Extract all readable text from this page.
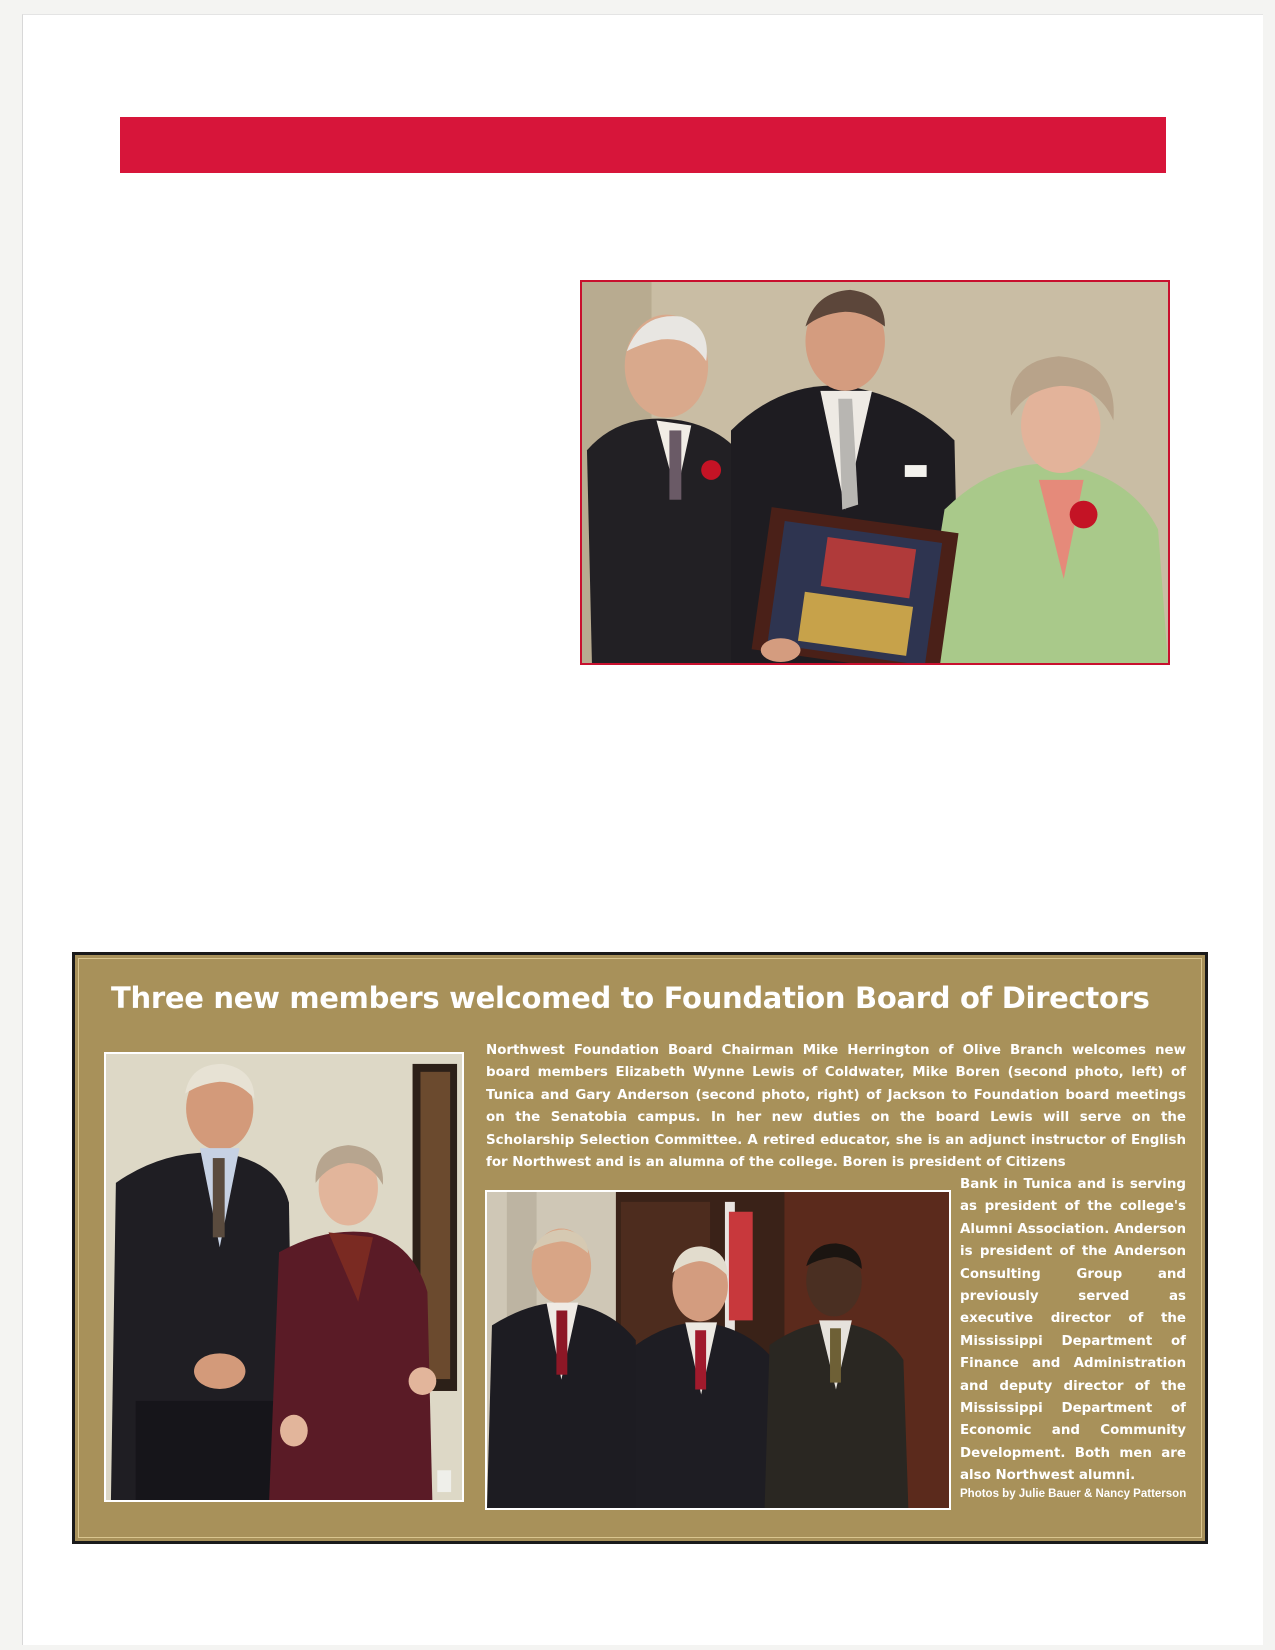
Three new members welcomed to Foundation Board of Directors
Northwest Foundation Board Chairman Mike Herrington of Olive Branch welcomes new board members Elizabeth Wynne Lewis of Coldwater, Mike Boren (second photo, left) of Tunica and Gary Anderson (second photo, right) of Jackson to Foundation board meetings on the Senatobia campus. In her new duties on the board Lewis will serve on the Scholarship Selection Committee. A retired educator, she is an adjunct instructor of English for Northwest and is an alumna of the college. Boren is president of Citizens
Bank in Tunica and is serving as president of the college's Alumni Association. Anderson is president of the Anderson Consulting Group and previously served as executive director of the Mississippi Department of Finance and Administration and deputy director of the Mississippi Department of Economic and Community Development. Both men are also Northwest alumni.
Photos by Julie Bauer & Nancy Patterson
